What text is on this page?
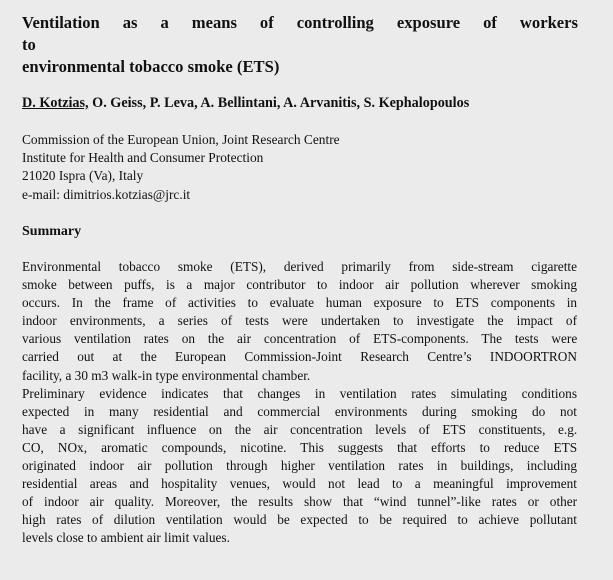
Ventilation as a means of controlling exposure of workers to
environmental tobacco smoke (ETS)
D. Kotzias, O. Geiss, P. Leva, A. Bellintani, A. Arvanitis, S. Kephalopoulos
Commission of the European Union, Joint Research Centre
Institute for Health and Consumer Protection
21020 Ispra (Va), Italy
e-mail: dimitrios.kotzias@jrc.it
Summary
Environmental tobacco smoke (ETS), derived primarily from side-stream cigarette
smoke between puffs, is a major contributor to indoor air pollution wherever smoking
occurs. In the frame of activities to evaluate human exposure to ETS components in
indoor environments, a series of tests were undertaken to investigate the impact of
various ventilation rates on the air concentration of ETS-components. The tests were
carried out at the European Commission-Joint Research Centre’s INDOORTRON
facility, a 30 m3 walk-in type environmental chamber.
Preliminary evidence indicates that changes in ventilation rates simulating conditions
expected in many residential and commercial environments during smoking do not
have a significant influence on the air concentration levels of ETS constituents, e.g.
CO, NOx, aromatic compounds, nicotine. This suggests that efforts to reduce ETS
originated indoor air pollution through higher ventilation rates in buildings, including
residential areas and hospitality venues, would not lead to a meaningful improvement
of indoor air quality. Moreover, the results show that “wind tunnel”-like rates or other
high rates of dilution ventilation would be expected to be required to achieve pollutant
levels close to ambient air limit values.
